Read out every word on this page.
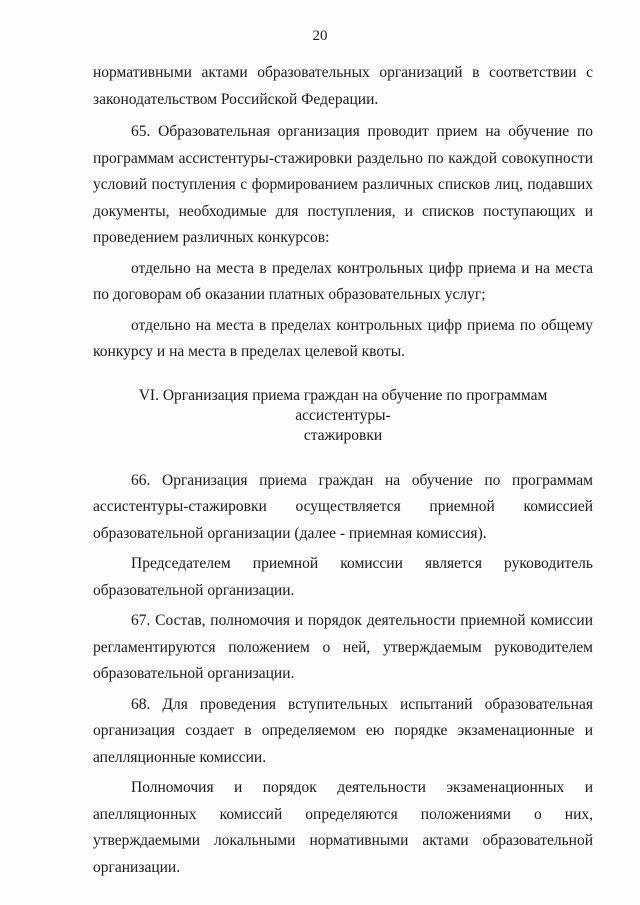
20

нормативными актами образовательных организаций в соответствии с законодательством Российской Федерации.

65. Образовательная организация проводит прием на обучение по программам ассистентуры-стажировки раздельно по каждой совокупности условий поступления с формированием различных списков лиц, подавших документы, необходимые для поступления, и списков поступающих и проведением различных конкурсов:

отдельно на места в пределах контрольных цифр приема и на места по договорам об оказании платных образовательных услуг;

отдельно на места в пределах контрольных цифр приема по общему конкурсу и на места в пределах целевой квоты.

VI. Организация приема граждан на обучение по программам ассистентуры-
стажировки

66. Организация приема граждан на обучение по программам ассистентуры-стажировки осуществляется приемной комиссией образовательной организации (далее - приемная комиссия).

Председателем приемной комиссии является руководитель образовательной организации.

67. Состав, полномочия и порядок деятельности приемной комиссии регламентируются положением о ней, утверждаемым руководителем образовательной организации.

68. Для проведения вступительных испытаний образовательная организация создает в определяемом ею порядке экзаменационные и апелляционные комиссии.

Полномочия и порядок деятельности экзаменационных и апелляционных комиссий определяются положениями о них, утверждаемыми локальными нормативными актами образовательной организации.
